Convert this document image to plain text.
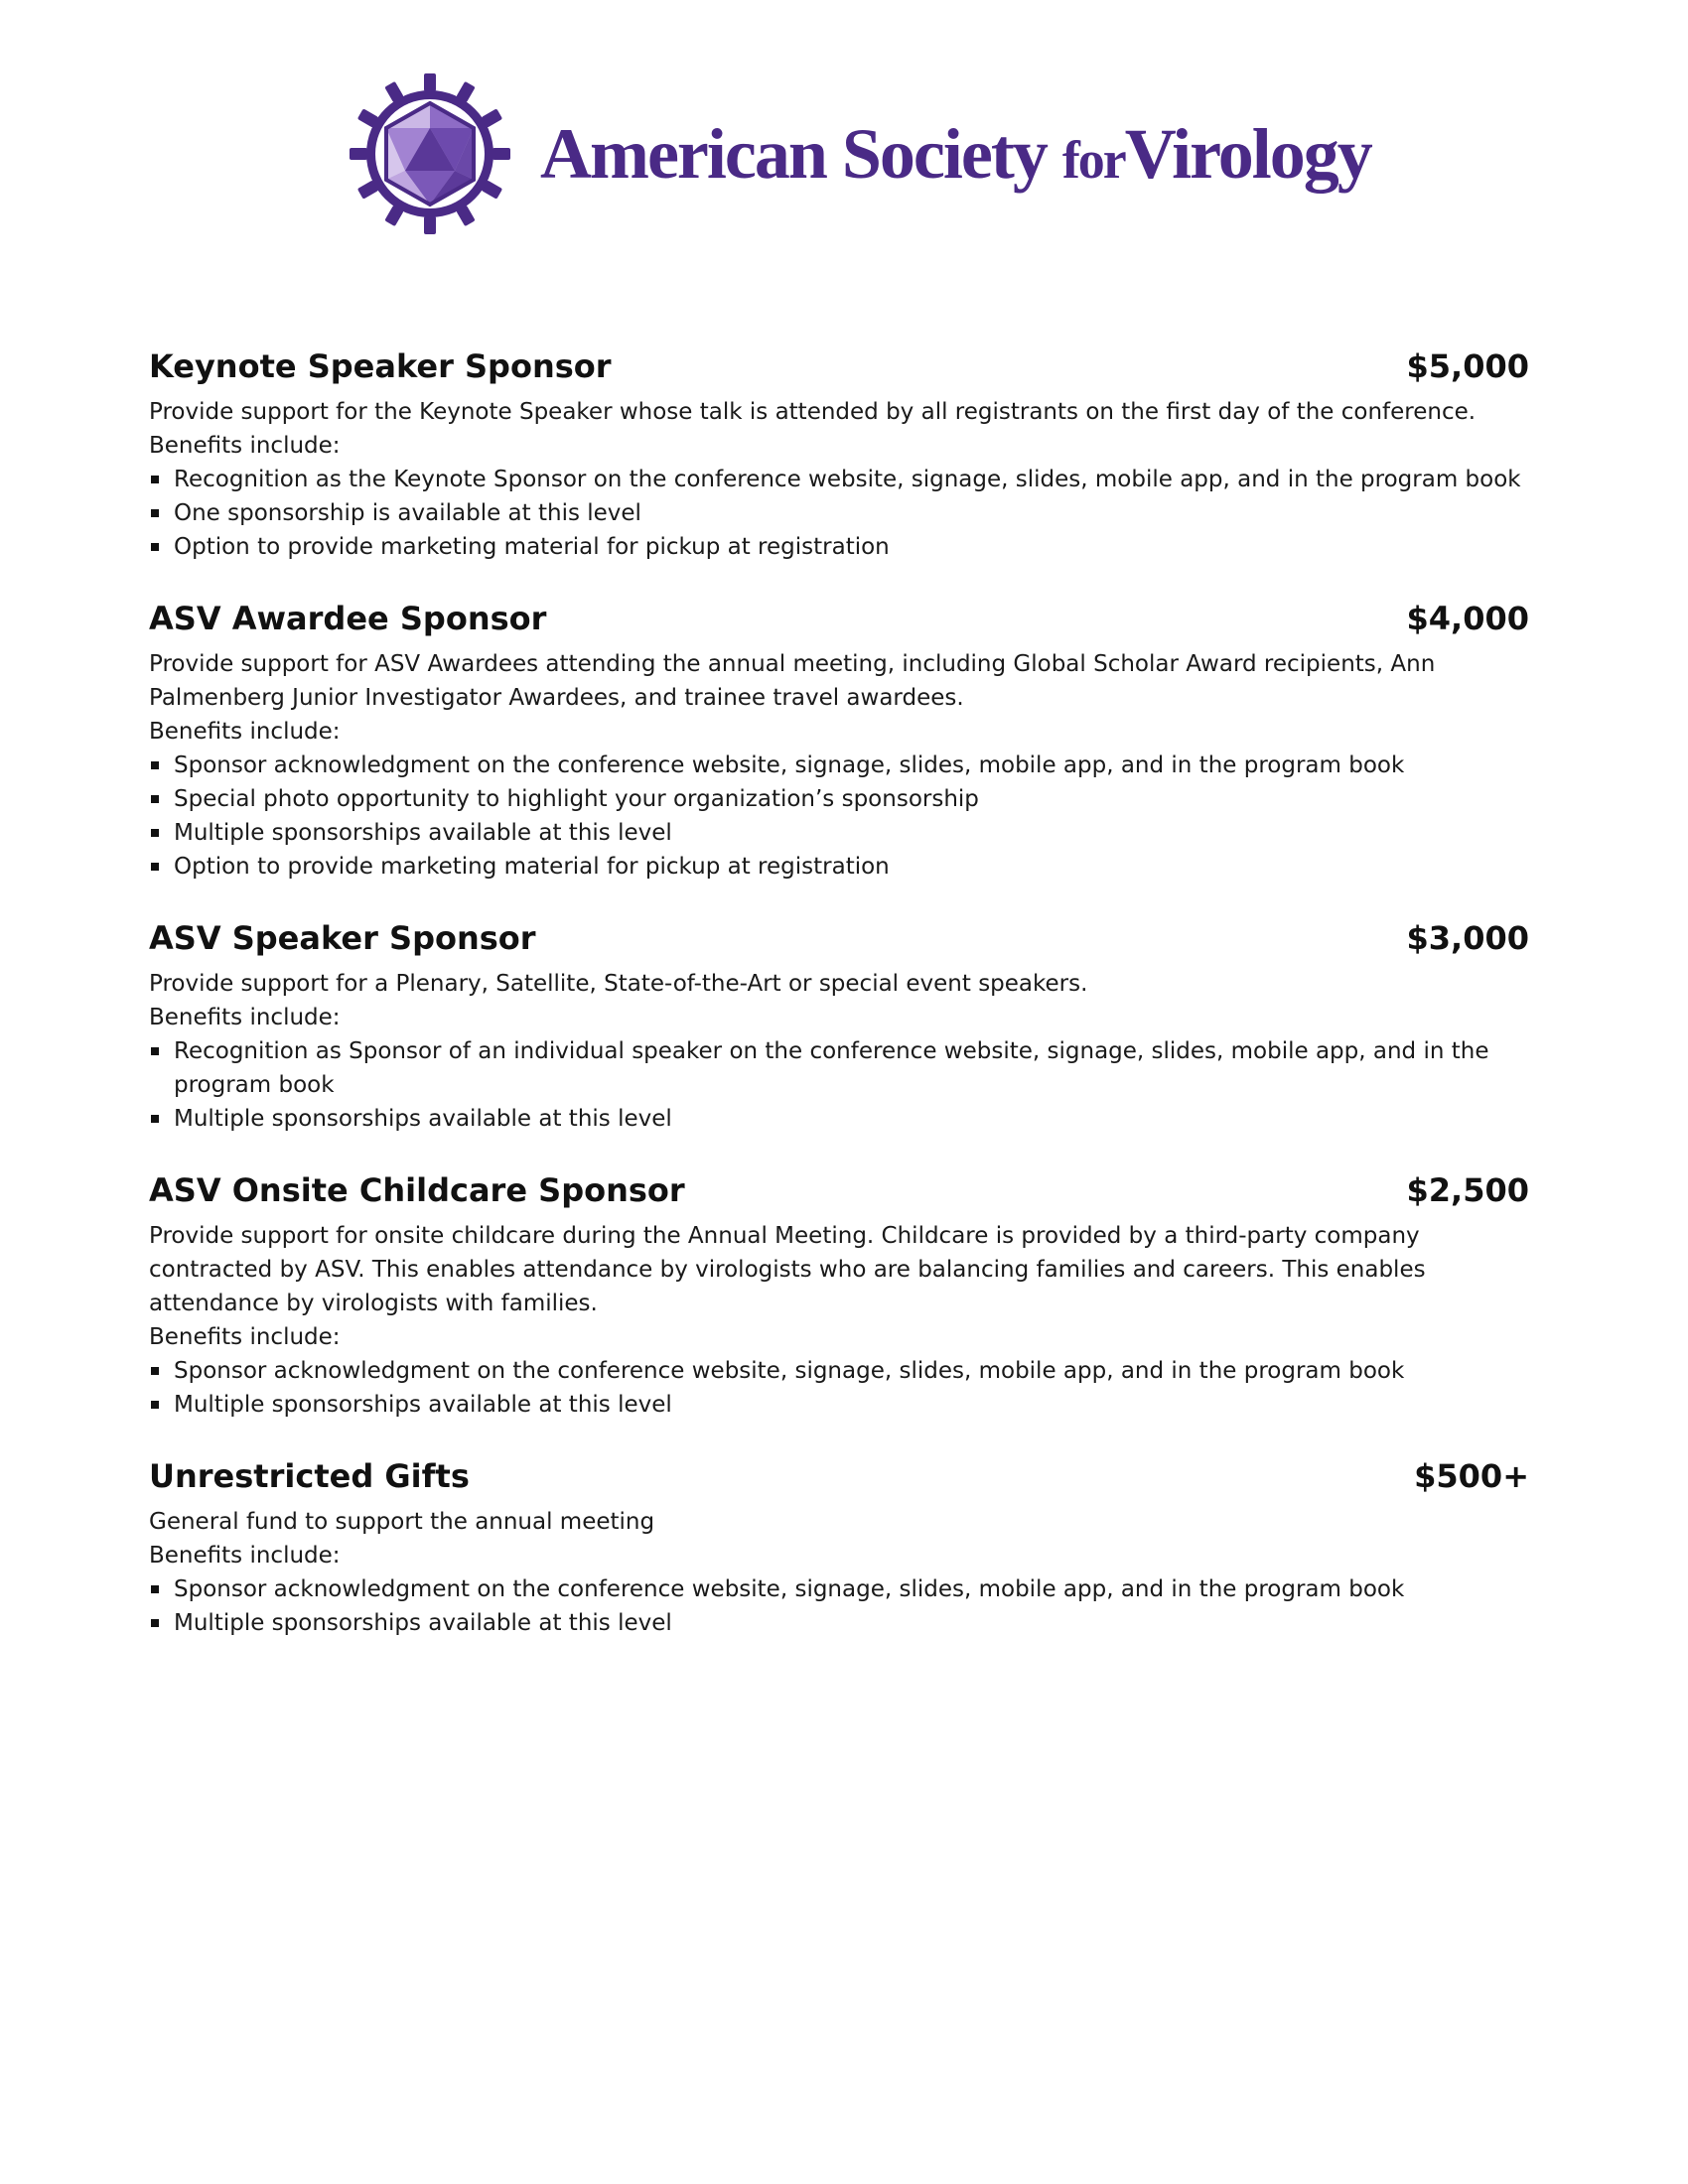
American Society forVirology
Keynote Speaker Sponsor	$5,000
Provide support for the Keynote Speaker whose talk is attended by all registrants on the first day of the conference.
Benefits include:
Recognition as the Keynote Sponsor on the conference website, signage, slides, mobile app, and in the program book
One sponsorship is available at this level
Option to provide marketing material for pickup at registration
ASV Awardee Sponsor	$4,000
Provide support for ASV Awardees attending the annual meeting, including Global Scholar Award recipients, Ann Palmenberg Junior Investigator Awardees, and trainee travel awardees.
Benefits include:
Sponsor acknowledgment on the conference website, signage, slides, mobile app, and in the program book
Special photo opportunity to highlight your organization’s sponsorship
Multiple sponsorships available at this level
Option to provide marketing material for pickup at registration
ASV Speaker Sponsor	$3,000
Provide support for a Plenary, Satellite, State-of-the-Art or special event speakers.
Benefits include:
Recognition as Sponsor of an individual speaker on the conference website, signage, slides, mobile app, and in the program book
Multiple sponsorships available at this level
ASV Onsite Childcare Sponsor	$2,500
Provide support for onsite childcare during the Annual Meeting. Childcare is provided by a third-party company contracted by ASV. This enables attendance by virologists who are balancing families and careers. This enables attendance by virologists with families.
Benefits include:
Sponsor acknowledgment on the conference website, signage, slides, mobile app, and in the program book
Multiple sponsorships available at this level
Unrestricted Gifts	$500+
General fund to support the annual meeting
Benefits include:
Sponsor acknowledgment on the conference website, signage, slides, mobile app, and in the program book
Multiple sponsorships available at this level
